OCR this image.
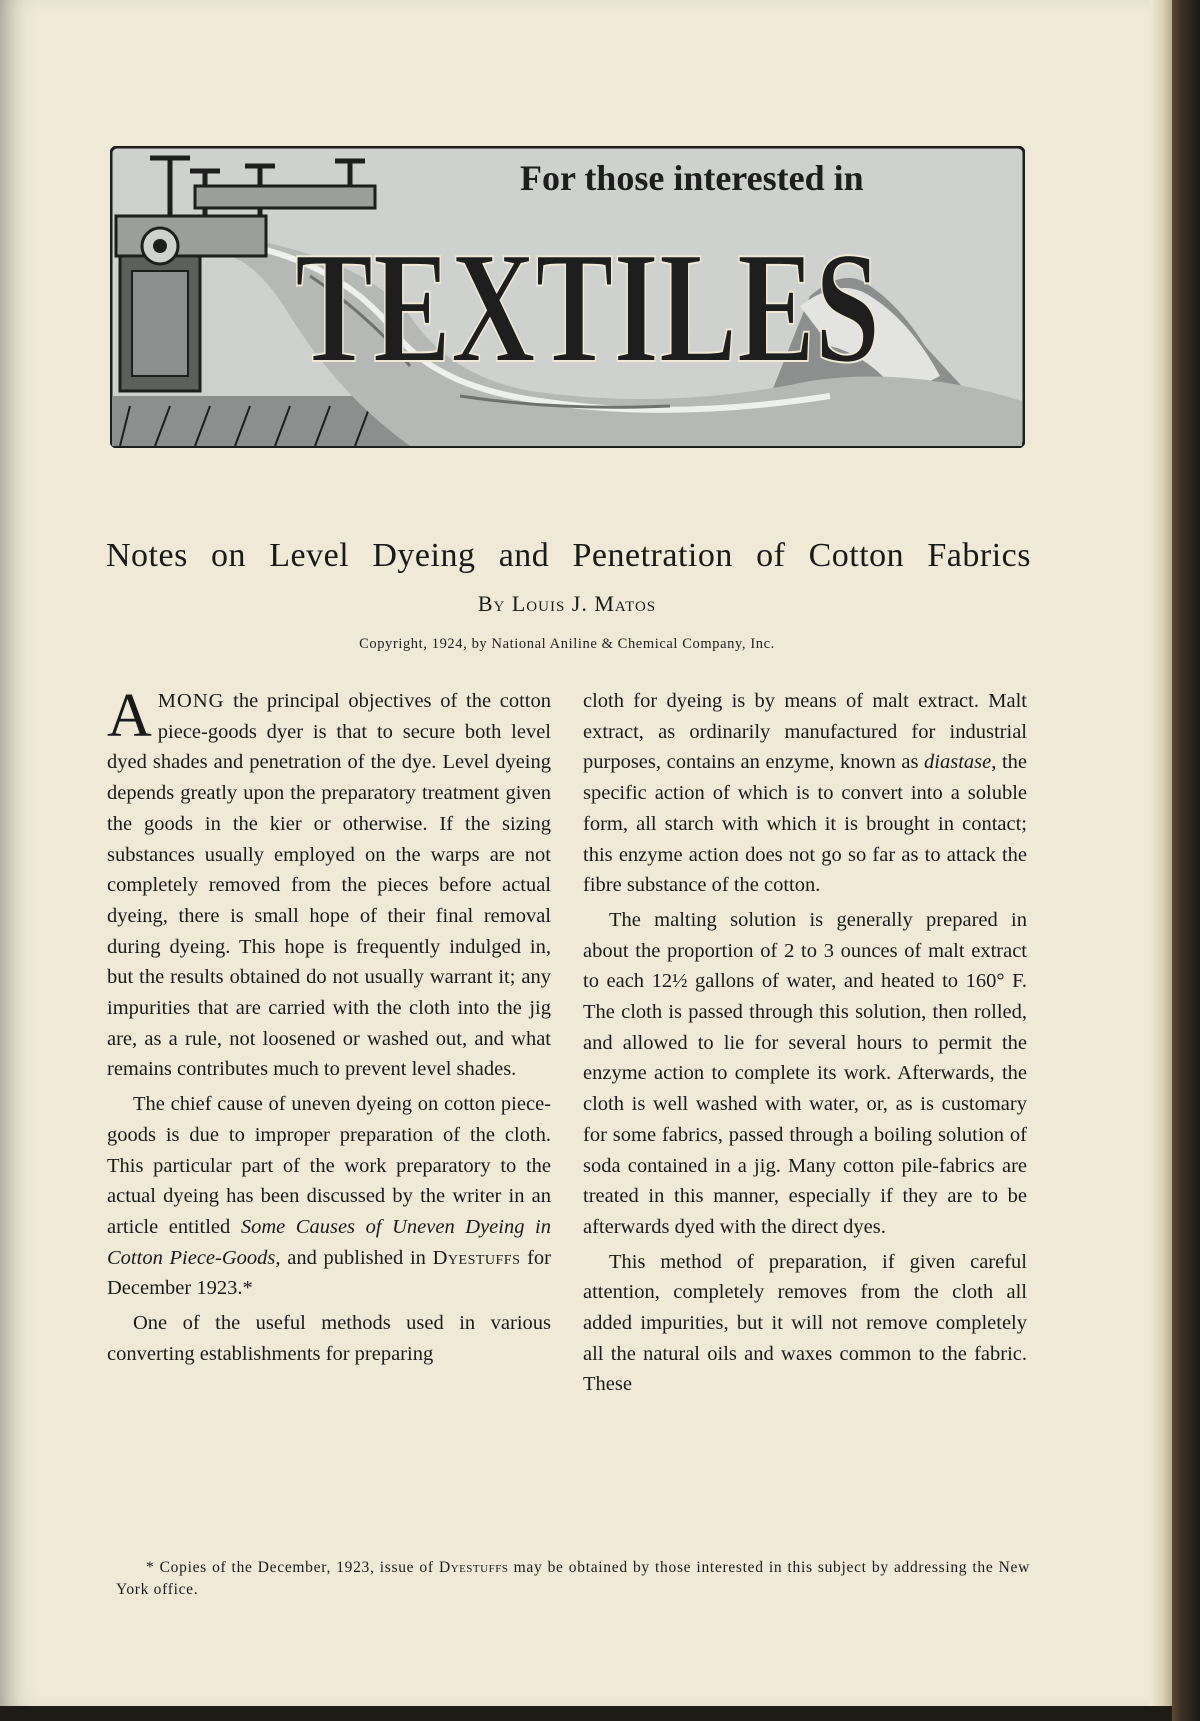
For those interested in
TEXTILES
Notes on Level Dyeing and Penetration of Cotton Fabrics
By Louis J. Matos
Copyright, 1924, by National Aniline & Chemical Company, Inc.

AMONG the principal objectives of the cotton piece-goods dyer is that to secure both level dyed shades and penetration of the dye. Level dyeing depends greatly upon the preparatory treatment given the goods in the kier or otherwise. If the sizing substances usually employed on the warps are not completely removed from the pieces before actual dyeing, there is small hope of their final removal during dyeing. This hope is frequently indulged in, but the results obtained do not usually warrant it; any impurities that are carried with the cloth into the jig are, as a rule, not loosened or washed out, and what remains contributes much to prevent level shades.

The chief cause of uneven dyeing on cotton piece-goods is due to improper preparation of the cloth. This particular part of the work preparatory to the actual dyeing has been discussed by the writer in an article entitled Some Causes of Uneven Dyeing in Cotton Piece-Goods, and published in Dyestuffs for December 1923.*

One of the useful methods used in various converting establishments for preparing

cloth for dyeing is by means of malt extract. Malt extract, as ordinarily manufactured for industrial purposes, contains an enzyme, known as diastase, the specific action of which is to convert into a soluble form, all starch with which it is brought in contact; this enzyme action does not go so far as to attack the fibre substance of the cotton.

The malting solution is generally prepared in about the proportion of 2 to 3 ounces of malt extract to each 12½ gallons of water, and heated to 160° F. The cloth is passed through this solution, then rolled, and allowed to lie for several hours to permit the enzyme action to complete its work. Afterwards, the cloth is well washed with water, or, as is customary for some fabrics, passed through a boiling solution of soda contained in a jig. Many cotton pile-fabrics are treated in this manner, especially if they are to be afterwards dyed with the direct dyes.

This method of preparation, if given careful attention, completely removes from the cloth all added impurities, but it will not remove completely all the natural oils and waxes common to the fabric. These

* Copies of the December, 1923, issue of Dyestuffs may be obtained by those interested in this subject by addressing the New York office.
